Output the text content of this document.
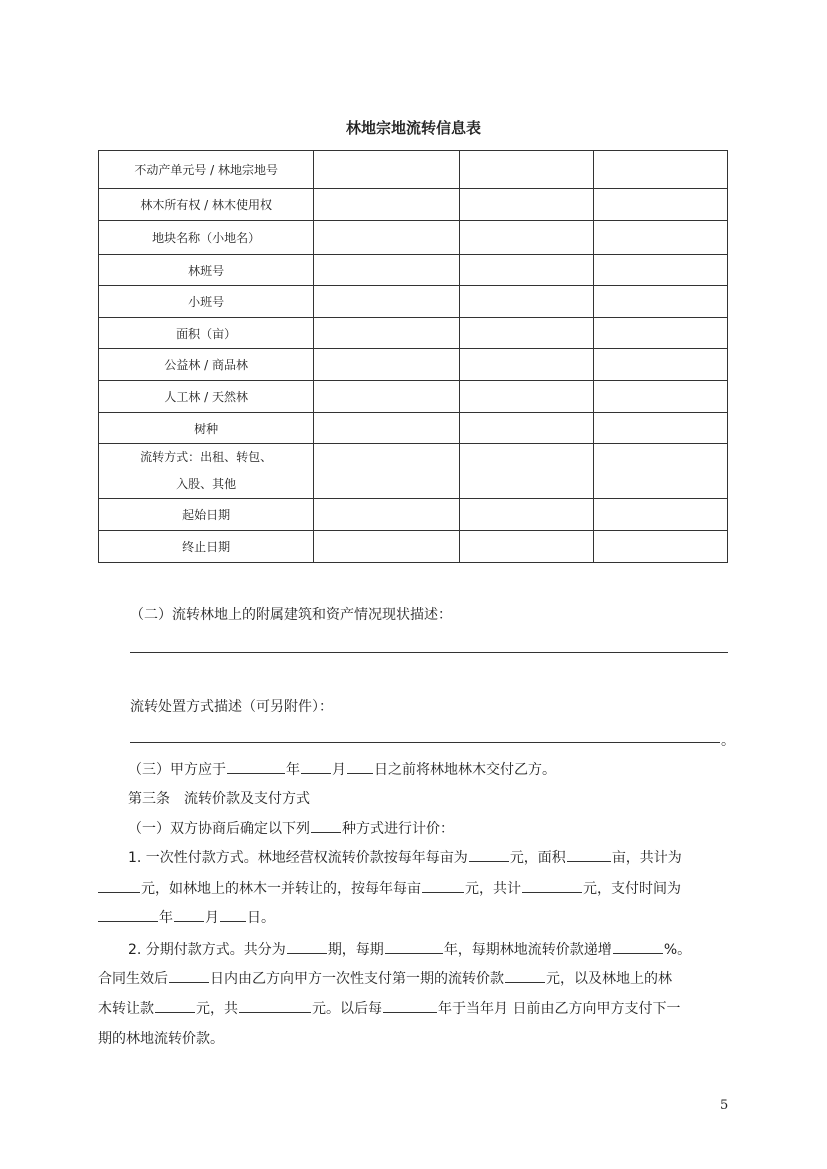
林地宗地流转信息表
不动产单元号 / 林地宗地号			
林木所有权 / 林木使用权			
地块名称（小地名）			
林班号			
小班号			
面积（亩）			
公益林 / 商品林			
人工林 / 天然林			
树种			
流转方式：出租、转包、
入股、其他			
起始日期			
终止日期			
（二）流转林地上的附属建筑和资产情况现状描述：
流转处置方式描述（可另附件）：
。

（三）甲方应于	年 月 日之前将林地林木交付乙方。

第三条　流转价款及支付方式

（一）双方协商后确定以下列 种方式进行计价：

1. 一次性付款方式。林地经营权流转价款按每年每亩为	元，面积	亩，共计为

元，如林地上的林木一并转让的，按每年每亩	元，共计	元，支付时间为

年 月 日。

2. 分期付款方式。共分为	期，每期	年，每期林地流转价款递增	%。

合同生效后	日内由乙方向甲方一次性支付第一期的流转价款	元，以及林地上的林

木转让款	元，共	元。以后每	年于当年月 日前由乙方向甲方支付下一

期的林地流转价款。

5
